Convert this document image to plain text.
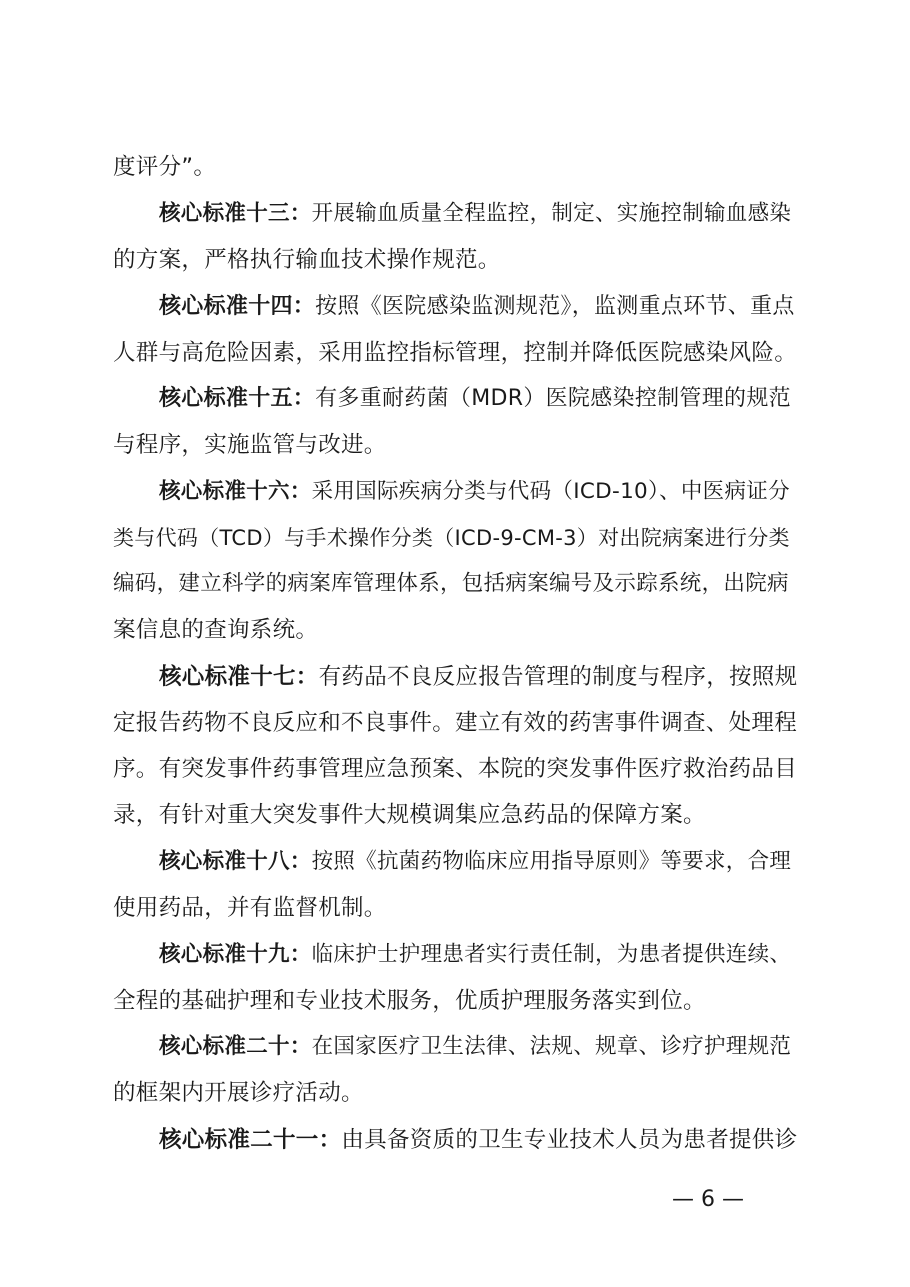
度评分”。
核心标准十三：开展输血质量全程监控，制定、实施控制输血感染
的方案，严格执行输血技术操作规范。
核心标准十四：按照《医院感染监测规范》，监测重点环节、重点
人群与高危险因素，采用监控指标管理，控制并降低医院感染风险。
核心标准十五：有多重耐药菌（MDR）医院感染控制管理的规范
与程序，实施监管与改进。
核心标准十六：采用国际疾病分类与代码（ICD-10）、中医病证分
类与代码（TCD）与手术操作分类（ICD-9-CM-3）对出院病案进行分类
编码，建立科学的病案库管理体系，包括病案编号及示踪系统，出院病
案信息的查询系统。
核心标准十七：有药品不良反应报告管理的制度与程序，按照规
定报告药物不良反应和不良事件。建立有效的药害事件调查、处理程
序。有突发事件药事管理应急预案、本院的突发事件医疗救治药品目
录，有针对重大突发事件大规模调集应急药品的保障方案。
核心标准十八：按照《抗菌药物临床应用指导原则》等要求，合理
使用药品，并有监督机制。
核心标准十九：临床护士护理患者实行责任制，为患者提供连续、
全程的基础护理和专业技术服务，优质护理服务落实到位。
核心标准二十：在国家医疗卫生法律、法规、规章、诊疗护理规范
的框架内开展诊疗活动。
核心标准二十一：由具备资质的卫生专业技术人员为患者提供诊
— 6 —
